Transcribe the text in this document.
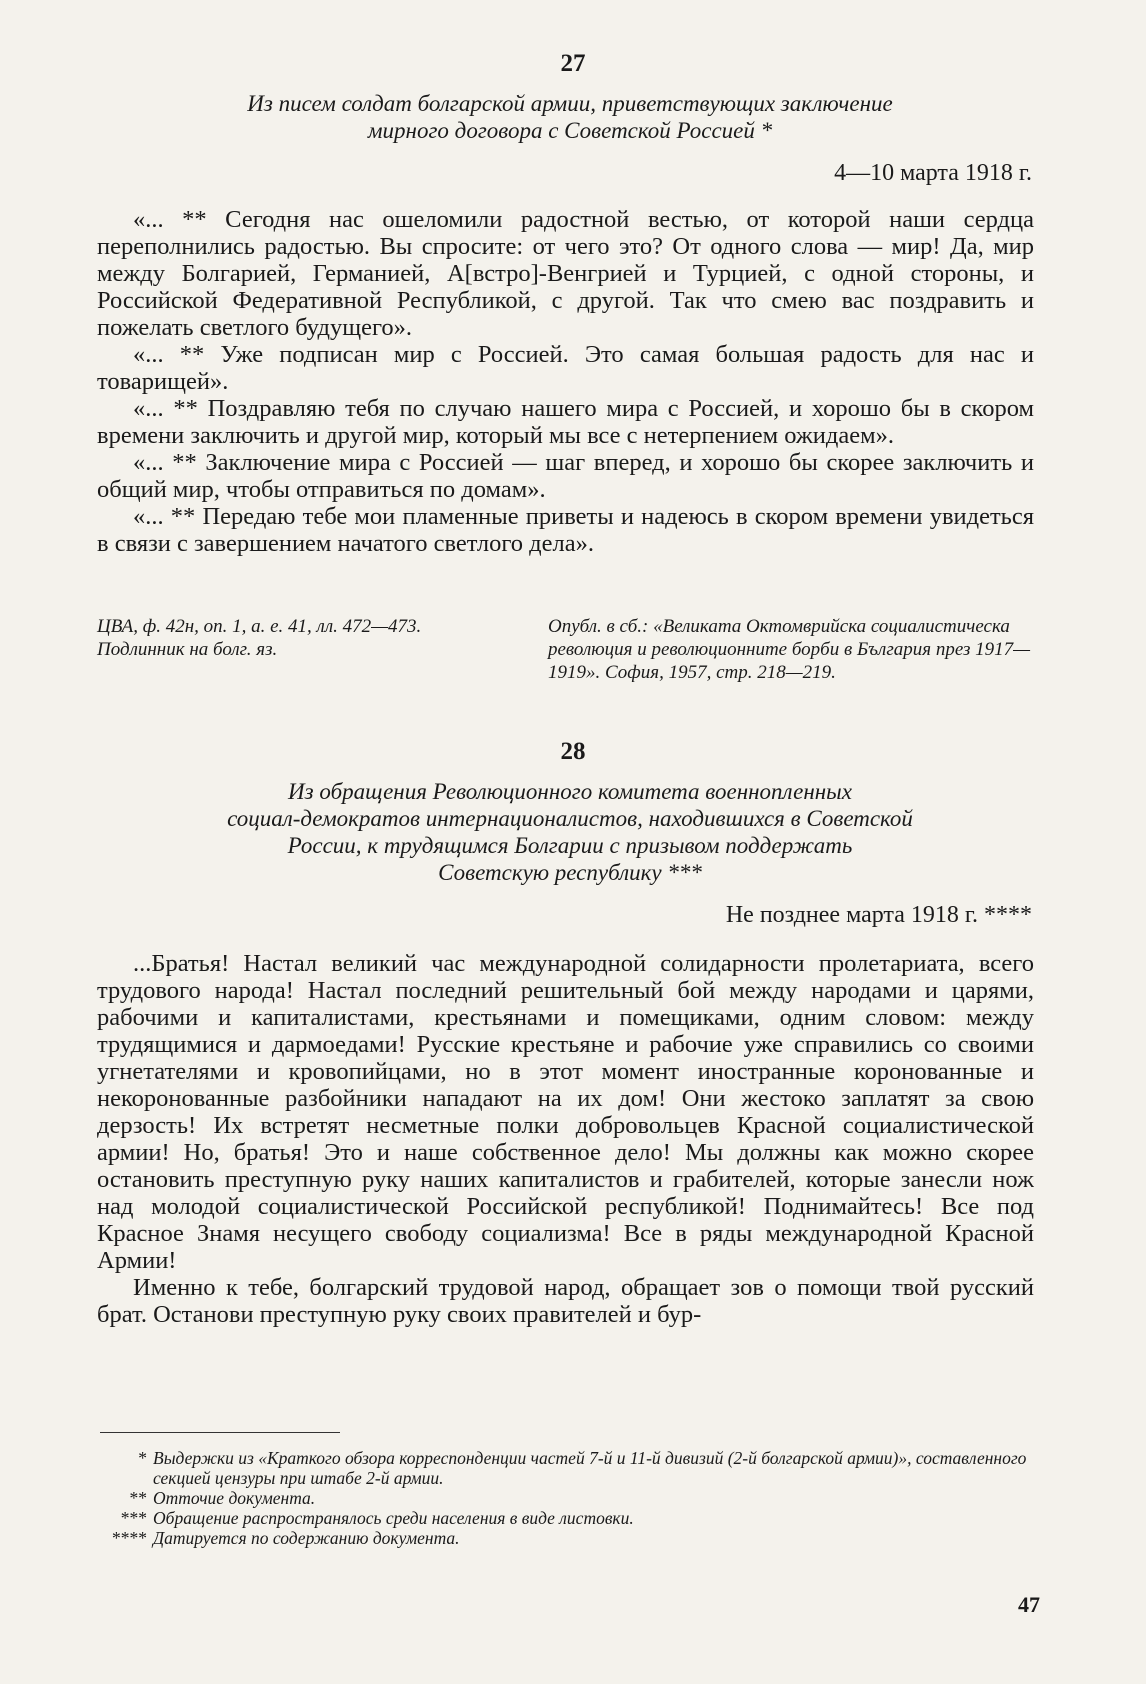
27
Из писем солдат болгарской армии, приветствующих заключение
мирного договора с Советской Россией *
4—10 марта 1918 г.

«... ** Сегодня нас ошеломили радостной вестью, от которой наши сердца переполнились радостью. Вы спросите: от чего это? От одного слова — мир! Да, мир между Болгарией, Германией, А[встро]-Венгрией и Турцией, с одной стороны, и Российской Федеративной Республикой, с другой. Так что смею вас поздравить и пожелать светлого будущего».

«... ** Уже подписан мир с Россией. Это самая большая радость для нас и товарищей».

«... ** Поздравляю тебя по случаю нашего мира с Россией, и хорошо бы в скором времени заключить и другой мир, который мы все с нетерпением ожидаем».

«... ** Заключение мира с Россией — шаг вперед, и хорошо бы скорее заключить и общий мир, чтобы отправиться по домам».

«... ** Передаю тебе мои пламенные приветы и надеюсь в скором времени увидеться в связи с завершением начатого светлого дела».

ЦВА, ф. 42н, оп. 1, а. е. 41, лл. 472—473.
Подлинник на болг. яз.
Опубл. в сб.: «Великата Октомврийска социалистическа революция и революционните борби в България през 1917—1919». София, 1957, стр. 218—219.
28
Из обращения Революционного комитета военнопленных
социал-демократов интернационалистов, находившихся в Советской
России, к трудящимся Болгарии с призывом поддержать
Советскую республику ***
Не позднее марта 1918 г. ****

...Братья! Настал великий час международной солидарности пролетариата, всего трудового народа! Настал последний решительный бой между народами и царями, рабочими и капиталистами, крестьянами и помещиками, одним словом: между трудящимися и дармоедами! Русские крестьяне и рабочие уже справились со своими угнетателями и кровопийцами, но в этот момент иностранные коронованные и некоронованные разбойники нападают на их дом! Они жестоко заплатят за свою дерзость! Их встретят несметные полки добровольцев Красной социалистической армии! Но, братья! Это и наше собственное дело! Мы должны как можно скорее остановить преступную руку наших капиталистов и грабителей, которые занесли нож над молодой социалистической Российской республикой! Поднимайтесь! Все под Красное Знамя несущего свободу социализма! Все в ряды международной Красной Армии!

Именно к тебе, болгарский трудовой народ, обращает зов о помощи твой русский брат. Останови преступную руку своих правителей и бур-

* Выдержки из «Краткого обзора корреспонденции частей 7-й и 11-й дивизий (2-й болгарской армии)», составленного секцией цензуры при штабе 2-й армии.
** Отточие документа.
*** Обращение распространялось среди населения в виде листовки.
**** Датируется по содержанию документа.
47
